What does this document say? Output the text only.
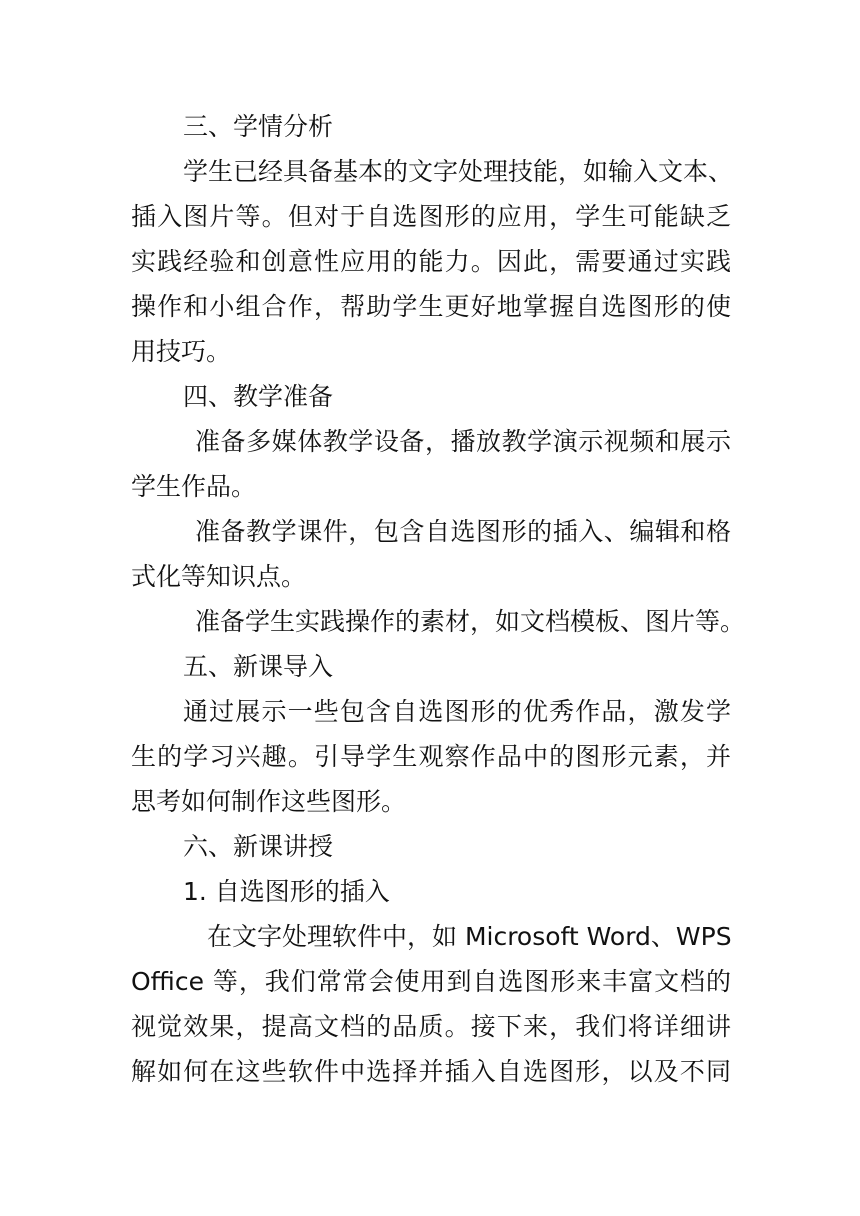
三、学情分析
学生已经具备基本的文字处理技能，如输入文本、
插入图片等。但对于自选图形的应用，学生可能缺乏
实践经验和创意性应用的能力。因此，需要通过实践
操作和小组合作，帮助学生更好地掌握自选图形的使
用技巧。
四、教学准备
准备多媒体教学设备，播放教学演示视频和展示
学生作品。
准备教学课件，包含自选图形的插入、编辑和格
式化等知识点。
准备学生实践操作的素材，如文档模板、图片等。
五、新课导入
通过展示一些包含自选图形的优秀作品，激发学
生的学习兴趣。引导学生观察作品中的图形元素，并
思考如何制作这些图形。
六、新课讲授
1. 自选图形的插入
在文字处理软件中，如 Microsoft Word、WPS
Office 等，我们常常会使用到自选图形来丰富文档的
视觉效果，提高文档的品质。接下来，我们将详细讲
解如何在这些软件中选择并插入自选图形，以及不同
